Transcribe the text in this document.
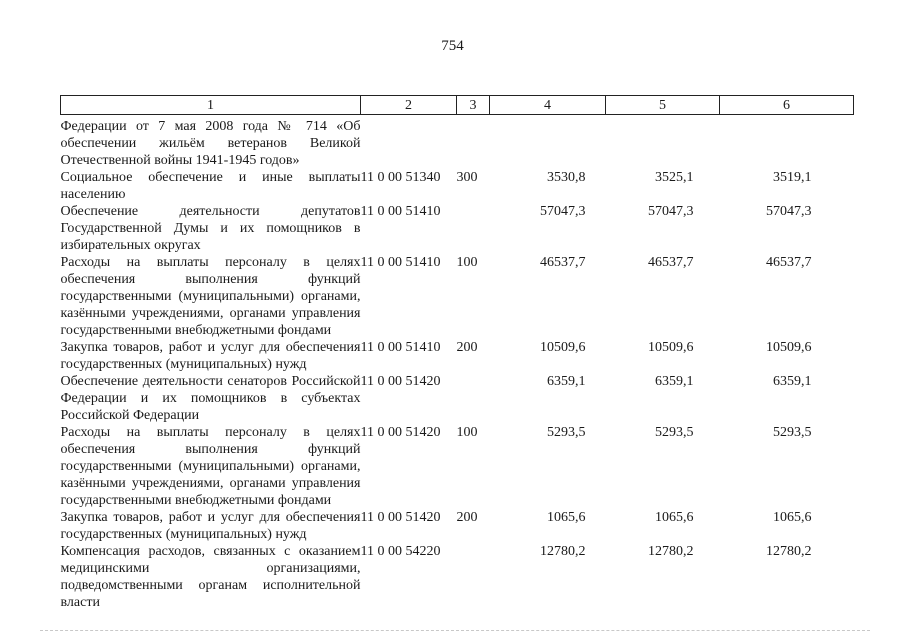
754
1	2	3	4	5	6

Федерации от 7 мая 2008 года № 714 «Об обеспечении жильём ветеранов Великой Отечественной войны 1941-1945 годов»					
Социальное обеспечение и иные выплаты населению	11 0 00 51340	300	3530,8	3525,1	3519,1
Обеспечение деятельности депутатов Государственной Думы и их помощников в избирательных округах	11 0 00 51410		57047,3	57047,3	57047,3
Расходы на выплаты персоналу в целях обеспечения выполнения функций государственными (муниципальными) органами, казёнными учреждениями, органами управления государственными внебюджетными фондами	11 0 00 51410	100	46537,7	46537,7	46537,7
Закупка товаров, работ и услуг для обеспечения государственных (муниципальных) нужд	11 0 00 51410	200	10509,6	10509,6	10509,6
Обеспечение деятельности сенаторов Российской Федерации и их помощников в субъектах Российской Федерации	11 0 00 51420		6359,1	6359,1	6359,1
Расходы на выплаты персоналу в целях обеспечения выполнения функций государственными (муниципальными) органами, казёнными учреждениями, органами управления государственными внебюджетными фондами	11 0 00 51420	100	5293,5	5293,5	5293,5
Закупка товаров, работ и услуг для обеспечения государственных (муниципальных) нужд	11 0 00 51420	200	1065,6	1065,6	1065,6
Компенсация расходов, связанных с оказанием медицинскими организациями, подведомственными органам исполнительной власти	11 0 00 54220		12780,2	12780,2	12780,2
